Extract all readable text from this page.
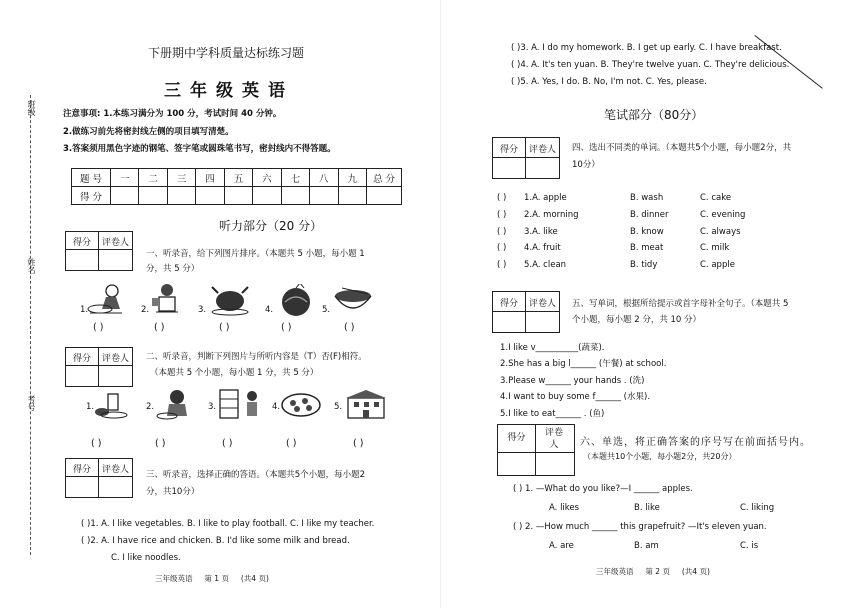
班级
姓名
考号
下册期中学科质量达标练习题
三年级英语
注意事项: 1.本练习满分为 100 分，考试时间 40 分钟。
2.做练习前先将密封线左侧的项目填写清楚。
3.答案须用黑色字迹的钢笔、签字笔或圆珠笔书写，密封线内不得答题。
题 号	一	二	三	四	五	六	七	八	九	总 分
得 分										
听力部分（20 分）
得分	评卷人
一、听录音，给下列图片排序。（本题共 5 小题，每小题 1
分，共 5 分）
1.
( )
2.
( )
3.
( )
4.
( )
5.
( )
得分	评卷人	二、听录音，判断下列图片与所听内容是（T）否(F)相符。
（本题共 5 个小题，每小题 1 分，共 5 分）
1.
( )
2.
( )
3.
( )
4.
( )
5.
( )
得分	评卷人	三、听录音，选择正确的答语。（本题共5个小题，每小题2
分，共10分）
( )1. A. I like vegetables. B. I like to play football. C. I like my teacher.
( )2. A. I have rice and chicken. B. I'd like some milk and bread.
C. I like noodles.
三年级英语     第 1 页     (共4 页)
( )3. A. I do my homework. B. I get up early. C. I have breakfast.
( )4. A. It's ten yuan. B. They're twelve yuan. C. They're delicious.
( )5. A. Yes, I do. B. No, I'm not. C. Yes, please.
笔试部分（80分）
得分	评卷人	四、选出不同类的单词。（本题共5个小题，每小题2分，共
10分）
( ) 1.A. apple	B. wash	C. cake
( ) 2.A. morning	B. dinner	C. evening
( ) 3.A. like	B. know	C. always
( ) 4.A. fruit	B. meat	C. milk
( ) 5.A. clean	B. tidy	C. apple
得分	评卷人	五、写单词，根据所给提示或首字母补全句子。（本题共 5
个小题，每小题 2 分，共 10 分）
1.I like v__________(蔬菜).
2.She has a big l______ (午餐) at school.
3.Please w______ your hands . (洗)
4.I want to buy some f______ (水果).
5.I like to eat______ . (鱼)
得分	评卷人	六、单选，将正确答案的序号写在前面括号内。
（本题共10个小题，每小题2分，共20分）
( ) 1. —What do you like?—I ______ apples.
A. likes	B. like	C. liking
( ) 2. —How much ______ this grapefruit? —It's eleven yuan.
A. are	B. am	C. is
三年级英语     第 2 页     (共4 页)
